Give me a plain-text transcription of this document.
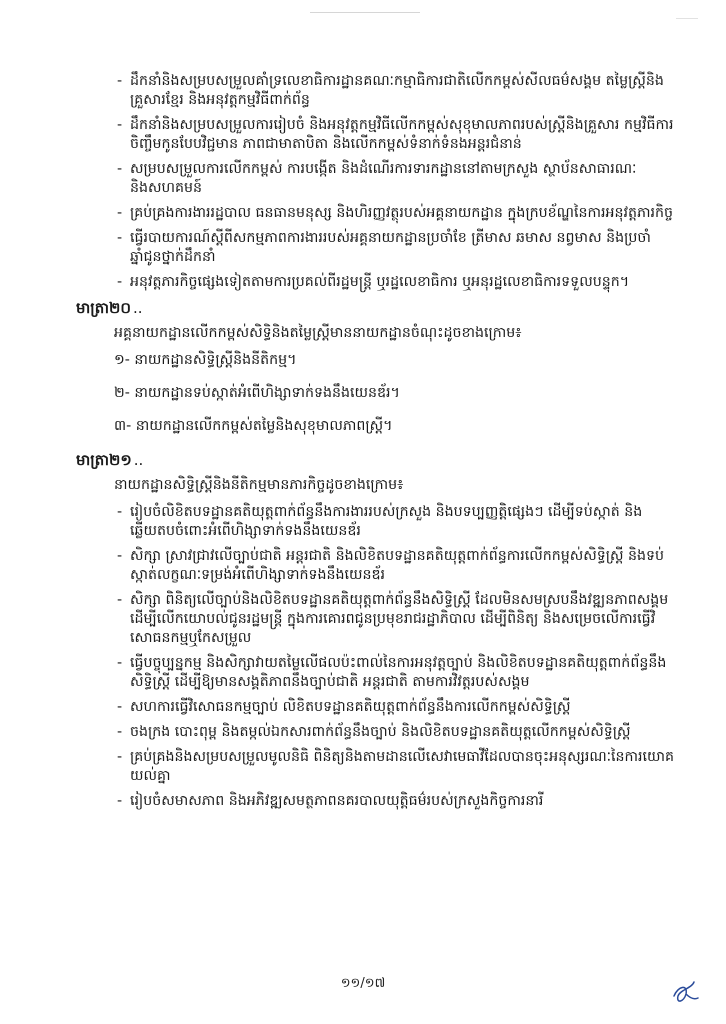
- ដឹកនាំនិងសម្របសម្រួលគាំទ្រលេខាធិការដ្ឋានគណៈកម្មាធិការជាតិលើកកម្ពស់សីលធម៌សង្គម តម្លៃស្ត្រីនិងគ្រួសារខ្មែរ និងអនុវត្តកម្មវិធីពាក់ព័ន្ធ
- ដឹកនាំនិងសម្របសម្រួលការរៀបចំ និងអនុវត្តកម្មវិធីលើកកម្ពស់សុខុមាលភាពរបស់ស្ត្រីនិងគ្រួសារ កម្មវិធីការចិញ្ចឹមកូនបែបវិជ្ជមាន ភាពជាមាតាបិតា និងលើកកម្ពស់ទំនាក់ទំនងអន្តរជំនាន់
- សម្របសម្រួលការលើកកម្ពស់ ការបង្កើត និងដំណើរការទារកដ្ឋាននៅតាមក្រសួង ស្ថាប័នសាធារណៈ និងសហគមន៍
- គ្រប់គ្រងការងាររដ្ឋបាល ធនធានមនុស្ស និងហិរញ្ញវត្ថុរបស់អគ្គនាយកដ្ឋាន ក្នុងក្របខ័ណ្ឌនៃការអនុវត្តភារកិច្ច
- ធ្វើរបាយការណ៍ស្តីពីសកម្មភាពការងាររបស់អគ្គនាយកដ្ឋានប្រចាំខែ ត្រីមាស ឆមាស នព្វមាស និងប្រចាំឆ្នាំជូនថ្នាក់ដឹកនាំ
- អនុវត្តភារកិច្ចផ្សេងទៀតតាមការប្រគល់ពីរដ្ឋមន្ត្រី ឬរដ្ឋលេខាធិការ ឬអនុរដ្ឋលេខាធិការទទួលបន្ទុក។
មាត្រា២០ ..
អគ្គនាយកដ្ឋានលើកកម្ពស់សិទ្ធិនិងតម្លៃស្ត្រីមាននាយកដ្ឋានចំណុះដូចខាងក្រោម៖
១- នាយកដ្ឋានសិទ្ធិស្ត្រីនិងនីតិកម្ម។
២- នាយកដ្ឋានទប់ស្កាត់អំពើហិង្សាទាក់ទងនឹងយេនឌ័រ។
៣- នាយកដ្ឋានលើកកម្ពស់តម្លៃនិងសុខុមាលភាពស្ត្រី។
មាត្រា២១ ..
នាយកដ្ឋានសិទ្ធិស្ត្រីនិងនីតិកម្មមានភារកិច្ចដូចខាងក្រោម៖
- រៀបចំលិខិតបទដ្ឋានគតិយុត្តពាក់ព័ន្ធនឹងការងាររបស់ក្រសួង និងបទប្បញ្ញត្តិផ្សេងៗ ដើម្បីទប់ស្កាត់ និងឆ្លើយតបចំពោះអំពើហិង្សាទាក់ទងនឹងយេនឌ័រ
- សិក្សា ស្រាវជ្រាវលើច្បាប់ជាតិ អន្តរជាតិ និងលិខិតបទដ្ឋានគតិយុត្តពាក់ព័ន្ធការលើកកម្ពស់សិទ្ធិស្ត្រី និងទប់ស្កាត់លក្ខណៈទម្រង់អំពើហិង្សាទាក់ទងនឹងយេនឌ័រ
- សិក្សា ពិនិត្យលើច្បាប់និងលិខិតបទដ្ឋានគតិយុត្តពាក់ព័ន្ធនឹងសិទ្ធិស្ត្រី ដែលមិនសមស្របនឹងវឌ្ឍនភាពសង្គម ដើម្បីលើកយោបល់ជូនរដ្ឋមន្ត្រី ក្នុងការគោរពជូនប្រមុខរាជរដ្ឋាភិបាល ដើម្បីពិនិត្យ និងសម្រេចលើការធ្វើវិសោធនកម្មឬកែសម្រួល
- ធ្វើបច្ចុប្បន្នកម្ម និងសិក្សាវាយតម្លៃលើផលប៉ះពាល់នៃការអនុវត្តច្បាប់ និងលិខិតបទដ្ឋានគតិយុត្តពាក់ព័ន្ធនឹងសិទ្ធិស្ត្រី ដើម្បីឱ្យមានសង្គតិភាពនឹងច្បាប់ជាតិ អន្តរជាតិ តាមការវិវត្តរបស់សង្គម
- សហការធ្វើវិសោធនកម្មច្បាប់ លិខិតបទដ្ឋានគតិយុត្តពាក់ព័ន្ធនឹងការលើកកម្ពស់សិទ្ធិស្ត្រី
- ចងក្រង បោះពុម្ព និងតម្កល់ឯកសារពាក់ព័ន្ធនឹងច្បាប់ និងលិខិតបទដ្ឋានគតិយុត្តលើកកម្ពស់សិទ្ធិស្ត្រី
- គ្រប់គ្រងនិងសម្របសម្រួលមូលនិធិ ពិនិត្យនិងតាមដានលើសេវាមេធាវីដែលបានចុះអនុស្សរណៈនៃការយោគយល់គ្នា
- រៀបចំសមាសភាព និងអភិវឌ្ឍសមត្ថភាពនគរបាលយុត្តិធម៌របស់ក្រសួងកិច្ចការនារី
១១/១៧
